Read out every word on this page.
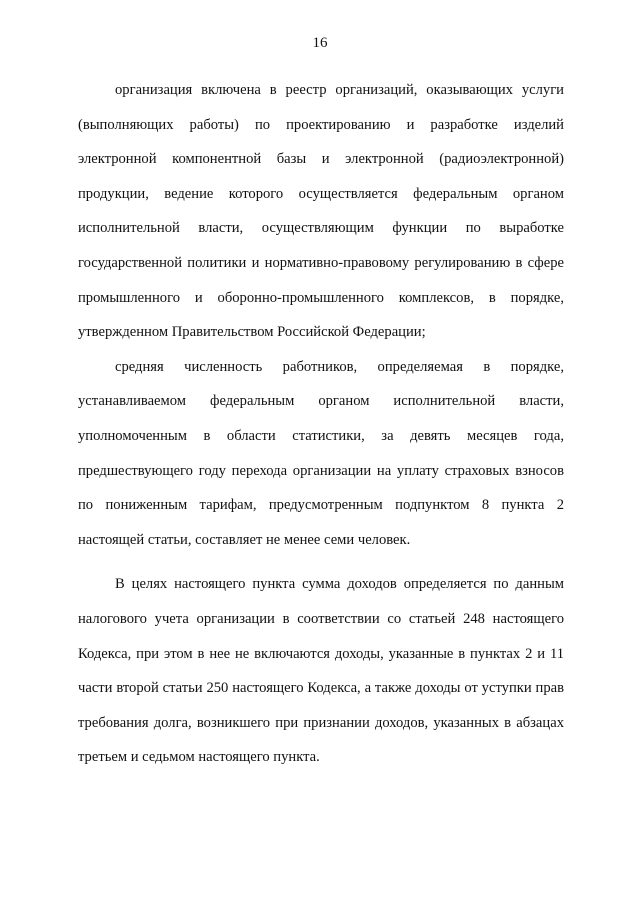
16

организация включена в реестр организаций, оказывающих услуги (выполняющих работы) по проектированию и разработке изделий электронной компонентной базы и электронной (радиоэлектронной) продукции, ведение которого осуществляется федеральным органом исполнительной власти, осуществляющим функции по выработке государственной политики и нормативно-правовому регулированию в сфере промышленного и оборонно-промышленного комплексов, в порядке, утвержденном Правительством Российской Федерации;

средняя численность работников, определяемая в порядке, устанавливаемом федеральным органом исполнительной власти, уполномоченным в области статистики, за девять месяцев года, предшествующего году перехода организации на уплату страховых взносов по пониженным тарифам, предусмотренным подпунктом 8 пункта 2 настоящей статьи, составляет не менее семи человек.

В целях настоящего пункта сумма доходов определяется по данным налогового учета организации в соответствии со статьей 248 настоящего Кодекса, при этом в нее не включаются доходы, указанные в пунктах 2 и 11 части второй статьи 250 настоящего Кодекса, а также доходы от уступки прав требования долга, возникшего при признании доходов, указанных в абзацах третьем и седьмом настоящего пункта.
